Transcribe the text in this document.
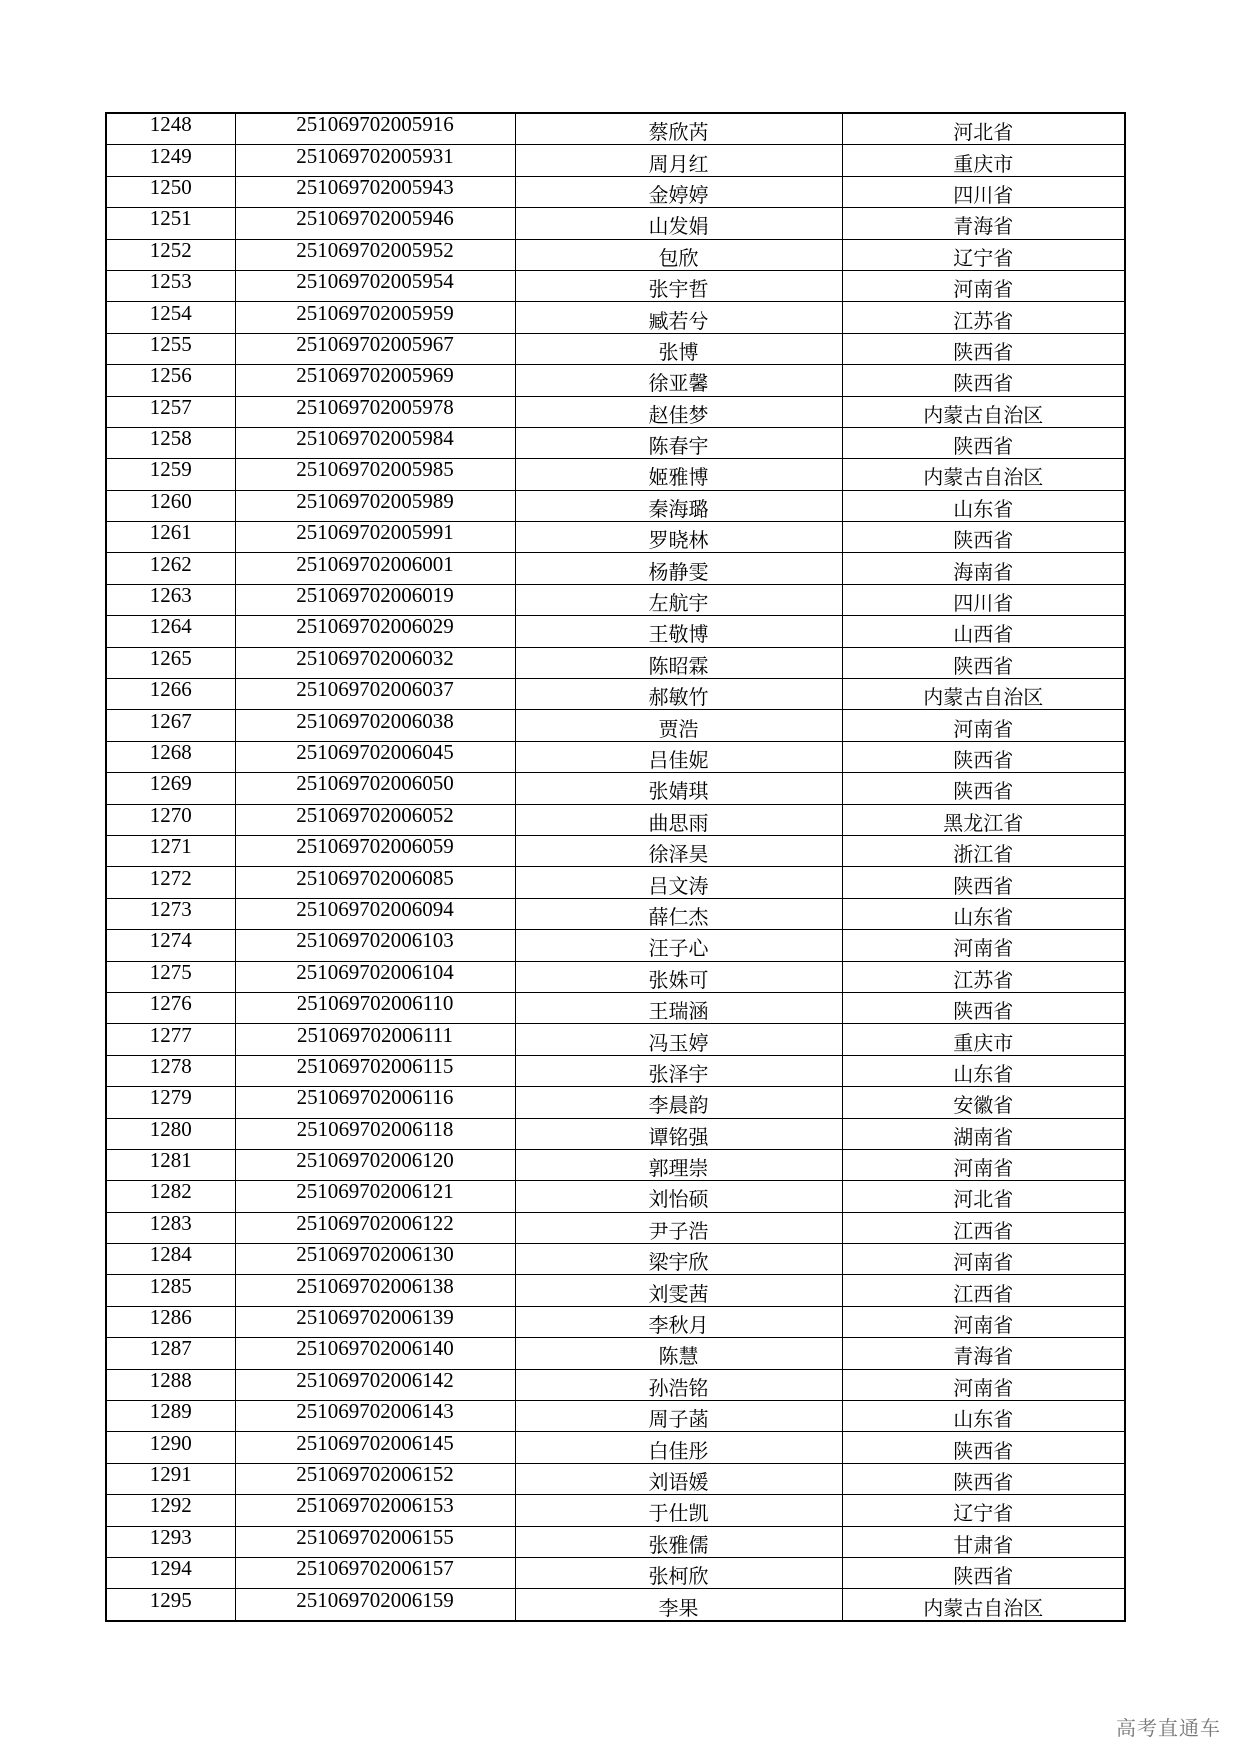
1248	251069702005916	蔡欣芮	河北省
1249	251069702005931	周月红	重庆市
1250	251069702005943	金婷婷	四川省
1251	251069702005946	山发娟	青海省
1252	251069702005952	包欣	辽宁省
1253	251069702005954	张宇哲	河南省
1254	251069702005959	臧若兮	江苏省
1255	251069702005967	张博	陕西省
1256	251069702005969	徐亚馨	陕西省
1257	251069702005978	赵佳梦	内蒙古自治区
1258	251069702005984	陈春宇	陕西省
1259	251069702005985	姬雅博	内蒙古自治区
1260	251069702005989	秦海璐	山东省
1261	251069702005991	罗晓林	陕西省
1262	251069702006001	杨静雯	海南省
1263	251069702006019	左航宇	四川省
1264	251069702006029	王敬博	山西省
1265	251069702006032	陈昭霖	陕西省
1266	251069702006037	郝敏竹	内蒙古自治区
1267	251069702006038	贾浩	河南省
1268	251069702006045	吕佳妮	陕西省
1269	251069702006050	张婧琪	陕西省
1270	251069702006052	曲思雨	黑龙江省
1271	251069702006059	徐泽昊	浙江省
1272	251069702006085	吕文涛	陕西省
1273	251069702006094	薛仁杰	山东省
1274	251069702006103	汪子心	河南省
1275	251069702006104	张姝可	江苏省
1276	251069702006110	王瑞涵	陕西省
1277	251069702006111	冯玉婷	重庆市
1278	251069702006115	张泽宇	山东省
1279	251069702006116	李晨韵	安徽省
1280	251069702006118	谭铭强	湖南省
1281	251069702006120	郭理崇	河南省
1282	251069702006121	刘怡硕	河北省
1283	251069702006122	尹子浩	江西省
1284	251069702006130	梁宇欣	河南省
1285	251069702006138	刘雯茜	江西省
1286	251069702006139	李秋月	河南省
1287	251069702006140	陈慧	青海省
1288	251069702006142	孙浩铭	河南省
1289	251069702006143	周子菡	山东省
1290	251069702006145	白佳彤	陕西省
1291	251069702006152	刘语媛	陕西省
1292	251069702006153	于仕凯	辽宁省
1293	251069702006155	张雅儒	甘肃省
1294	251069702006157	张柯欣	陕西省
1295	251069702006159	李果	内蒙古自治区
高考直通车
